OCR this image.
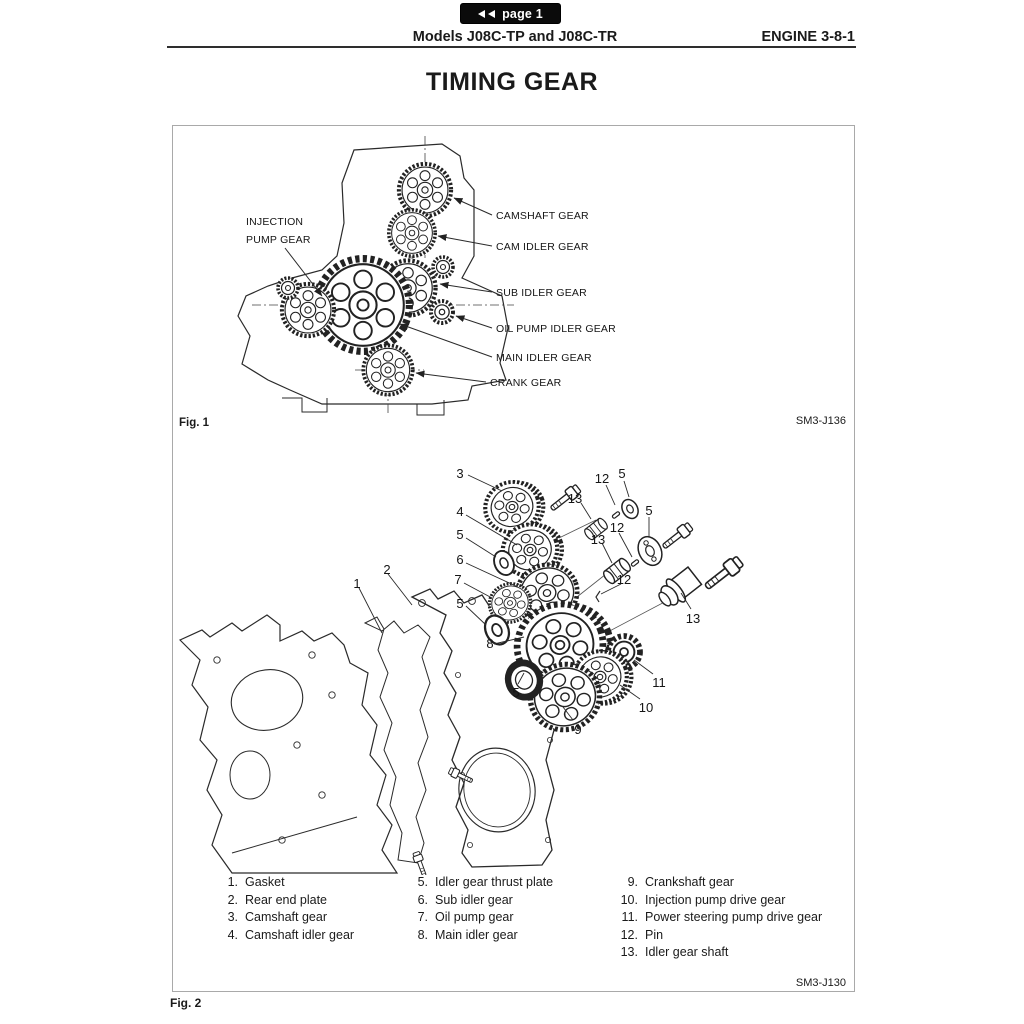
page 1
Models J08C-TP and J08C-TR	ENGINE 3-8-1
TIMING GEAR
INJECTION
PUMP GEAR
CAMSHAFT GEAR
CAM IDLER GEAR
SUB IDLER GEAR
OIL PUMP IDLER GEAR
MAIN IDLER GEAR
CRANK GEAR
Fig. 1	SM3-J136
3	12 5
13
4
5
5
12
13
6
7	12
5
1
2
8
13
5
9
10
11
1. Gasket
2. Rear end plate
3. Camshaft gear
4. Camshaft idler gear
5. Idler gear thrust plate
6. Sub idler gear
7. Oil pump gear
8. Main idler gear
9. Crankshaft gear
10. Injection pump drive gear
11. Power steering pump drive gear
12. Pin
13. Idler gear shaft
SM3-J130
Fig. 2
